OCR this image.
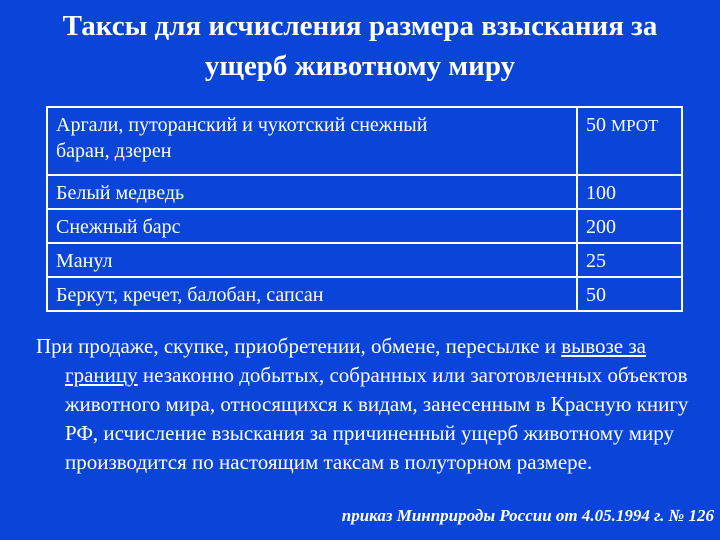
Таксы для исчисления размера взыскания за
ущерб животному миру
Аргали, путоранский и чукотский снежный
баран, дзерен	50 МРОТ
Белый медведь	100
Снежный барс	200
Манул	25
Беркут, кречет, балобан, сапсан	50
При продаже, скупке, приобретении, обмене, пересылке и вывозе за границу незаконно добытых, собранных или заготовленных объектов животного мира, относящихся к видам, занесенным в Красную книгу РФ, исчисление взыскания за причиненный ущерб животному миру производится по настоящим таксам в полуторном размере.
приказ Минприроды России от 4.05.1994 г. № 126
